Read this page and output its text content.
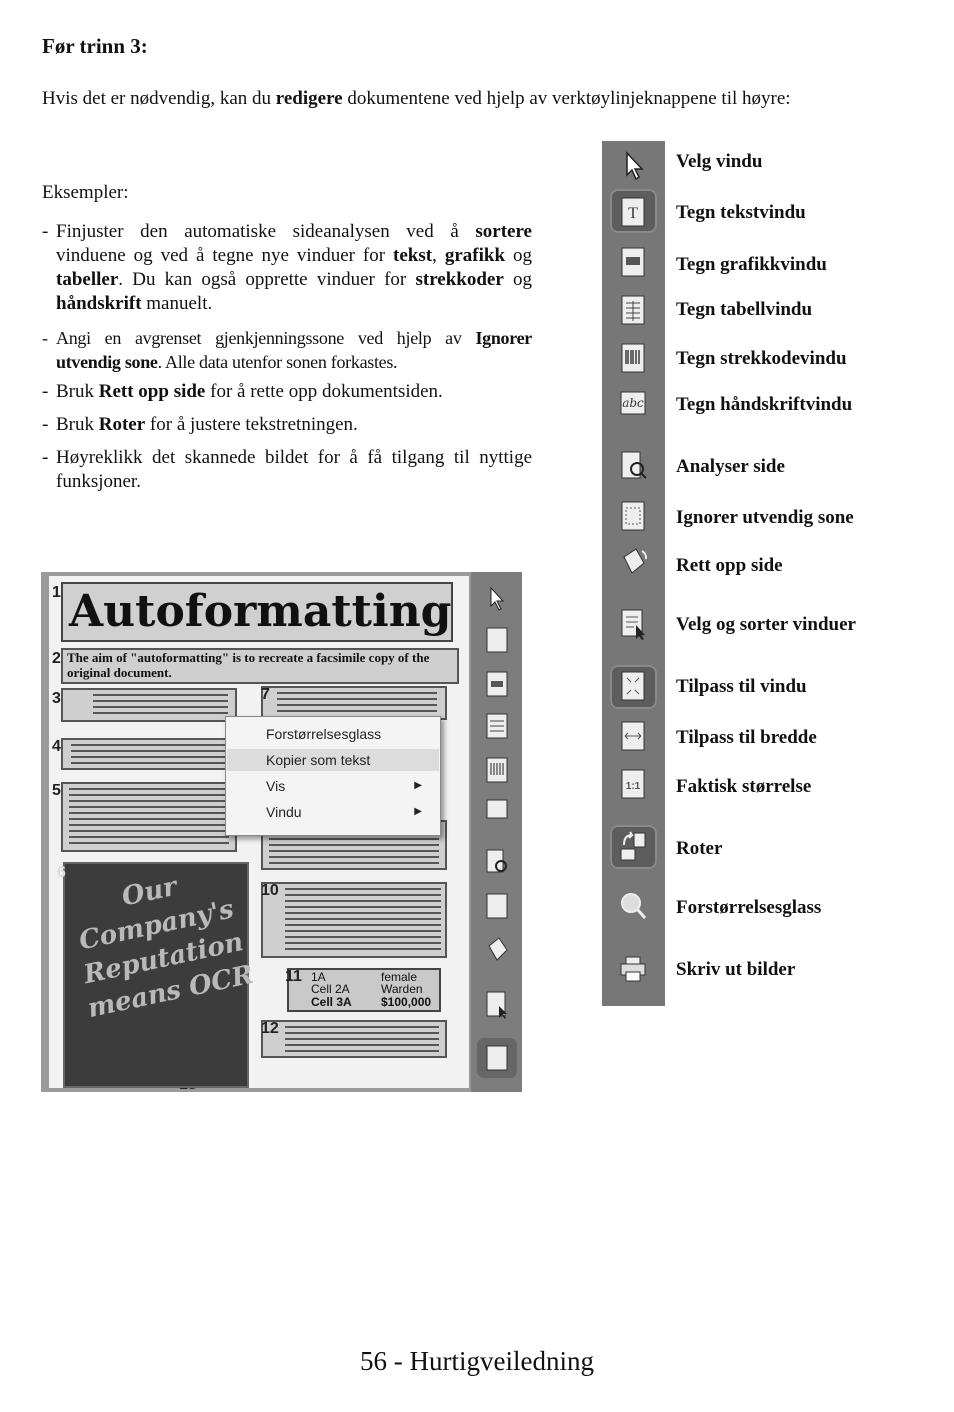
Før trinn 3:
Hvis det er nødvendig, kan du redigere dokumentene ved hjelp av verktøylinjeknappene til høyre:
Eksempler:
- Finjuster den automatiske sideanalysen ved å sortere vinduene og ved å tegne nye vinduer for tekst, grafikk og tabeller. Du kan også opprette vinduer for strekkoder og håndskrift manuelt.
- Angi en avgrenset gjenkjenningssone ved hjelp av Ignorer utvendig sone. Alle data utenfor sonen forkastes.
- Bruk Rett opp side for å rette opp dokumentsiden.
- Bruk Roter for å justere tekstretningen.
- Høyreklikk det skannede bildet for å få tilgang til nyttige funksjoner.
T
abc
1:1
Velg vindu
Tegn tekstvindu
Tegn grafikkvindu
Tegn tabellvindu
Tegn strekkodevindu
Tegn håndskriftvindu
Analyser side
Ignorer utvendig sone
Rett opp side
Velg og sorter vinduer
Tilpass til vindu
Tilpass til bredde
Faktisk størrelse
Roter
Forstørrelsesglass
Skriv ut bilder
Autoformatting
1
The aim of "autoformatting" is to recreate a facsimile copy of the original document.
2
3
4
5
7
10
1A	female
Cell 2A	Warden
Cell 3A $100,000
11
12
Our Company's Reputation means OCR
6
Forstørrelsesglass
Kopier som tekst
Vis	▶
Vindu	▶
56 - Hurtigveiledning
